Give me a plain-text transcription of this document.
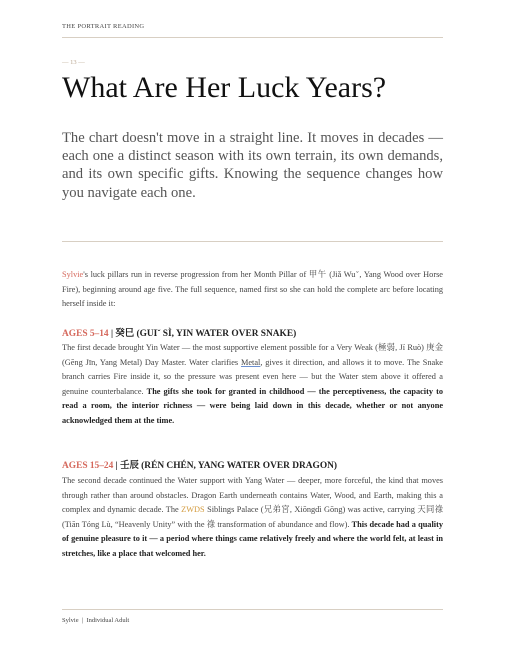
THE PORTRAIT READING
— 13 —
What Are Her Luck Years?

The chart doesn't move in a straight line. It moves in decades — each one a distinct season with its own terrain, its own demands, and its own specific gifts. Knowing the sequence changes how you navigate each one.

Sylvie's luck pillars run in reverse progression from her Month Pillar of 甲午 (Jiǎ Wuˇ, Yang Wood over Horse Fire), beginning around age five. The full sequence, named first so she can hold the complete arc before locating herself inside it:

AGES 5–14 | 癸巳 (GUIˇ SÌ, YIN WATER OVER SNAKE)

The first decade brought Yin Water — the most supportive element possible for a Very Weak (極弱, Jí Ruò) 庚金 (Gēng Jīn, Yang Metal) Day Master. Water clarifies Metal, gives it direction, and allows it to move. The Snake branch carries Fire inside it, so the pressure was present even here — but the Water stem above it offered a genuine counterbalance. The gifts she took for granted in childhood — the perceptiveness, the capacity to read a room, the interior richness — were being laid down in this decade, whether or not anyone acknowledged them at the time.

AGES 15–24 | 壬辰 (RÉN CHÉN, YANG WATER OVER DRAGON)

The second decade continued the Water support with Yang Water — deeper, more forceful, the kind that moves through rather than around obstacles. Dragon Earth underneath contains Water, Wood, and Earth, making this a complex and dynamic decade. The ZWDS Siblings Palace (兄弟宮, Xiōngdì Gōng) was active, carrying 天同祿 (Tiān Tóng Lù, “Heavenly Unity” with the 祿 transformation of abundance and flow). This decade had a quality of genuine pleasure to it — a period where things came relatively freely and where the world felt, at least in stretches, like a place that welcomed her.

Sylvie | Individual Adult
